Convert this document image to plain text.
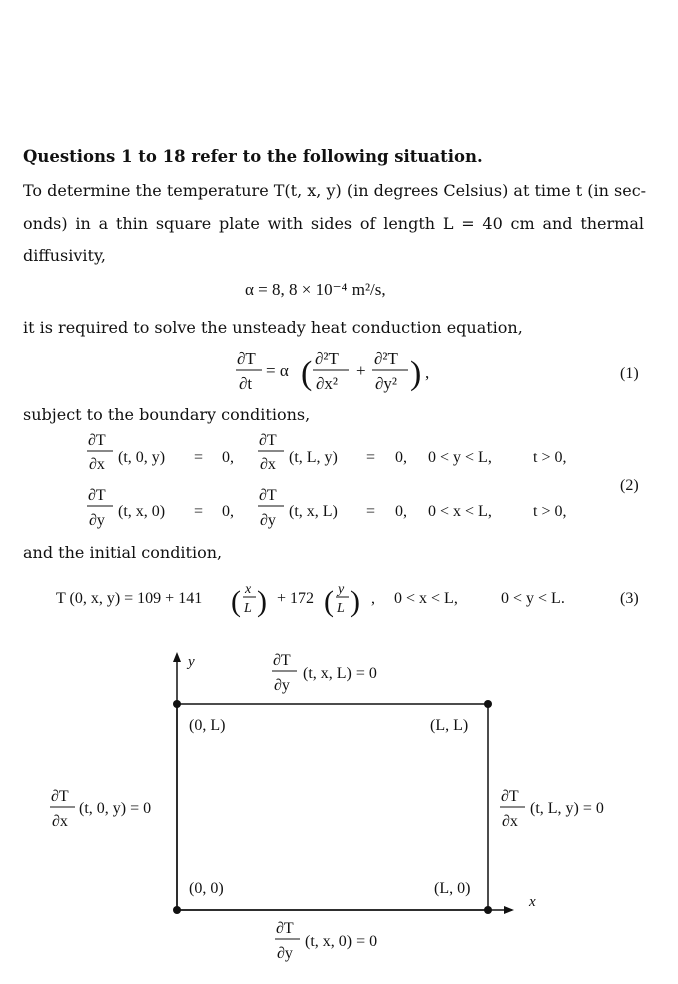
Questions 1 to 18 refer to the following situation.
To determine the temperature T(t, x, y) (in degrees Celsius) at time t (in sec-
onds) in a thin square plate with sides of length L = 40 cm and thermal
diffusivity,
α = 8, 8 × 10⁻⁴ m²/s,
it is required to solve the unsteady heat conduction equation,
∂T
∂t
= α ( ∂²T
∂x²
+
∂²T
∂y² ) ,	(1)
∂T
∂x (t, 0, y) = 0,
∂T
∂x (t, L, y) = 0, 0 < y < L,	t > 0,
∂T
∂y
(t, x, 0) = 0,
∂T
∂y
(t, x, L) = 0, 0 < x < L,	t > 0,
(2)
T (0, x, y) = 109 + 141 ( x
L ) + 172 ( y
L ) , 0 < x < L,	0 < y < L.	(3)
y
x
(0, L)	(L, L)
(0, 0)	(L, 0)
∂T
∂y
(t, x, L) = 0
∂T
∂y
(t, x, 0) = 0
∂T
∂x
(t, 0, y) = 0
∂T
∂x
(t, L, y) = 0
subject to the boundary conditions,
and the initial condition,
